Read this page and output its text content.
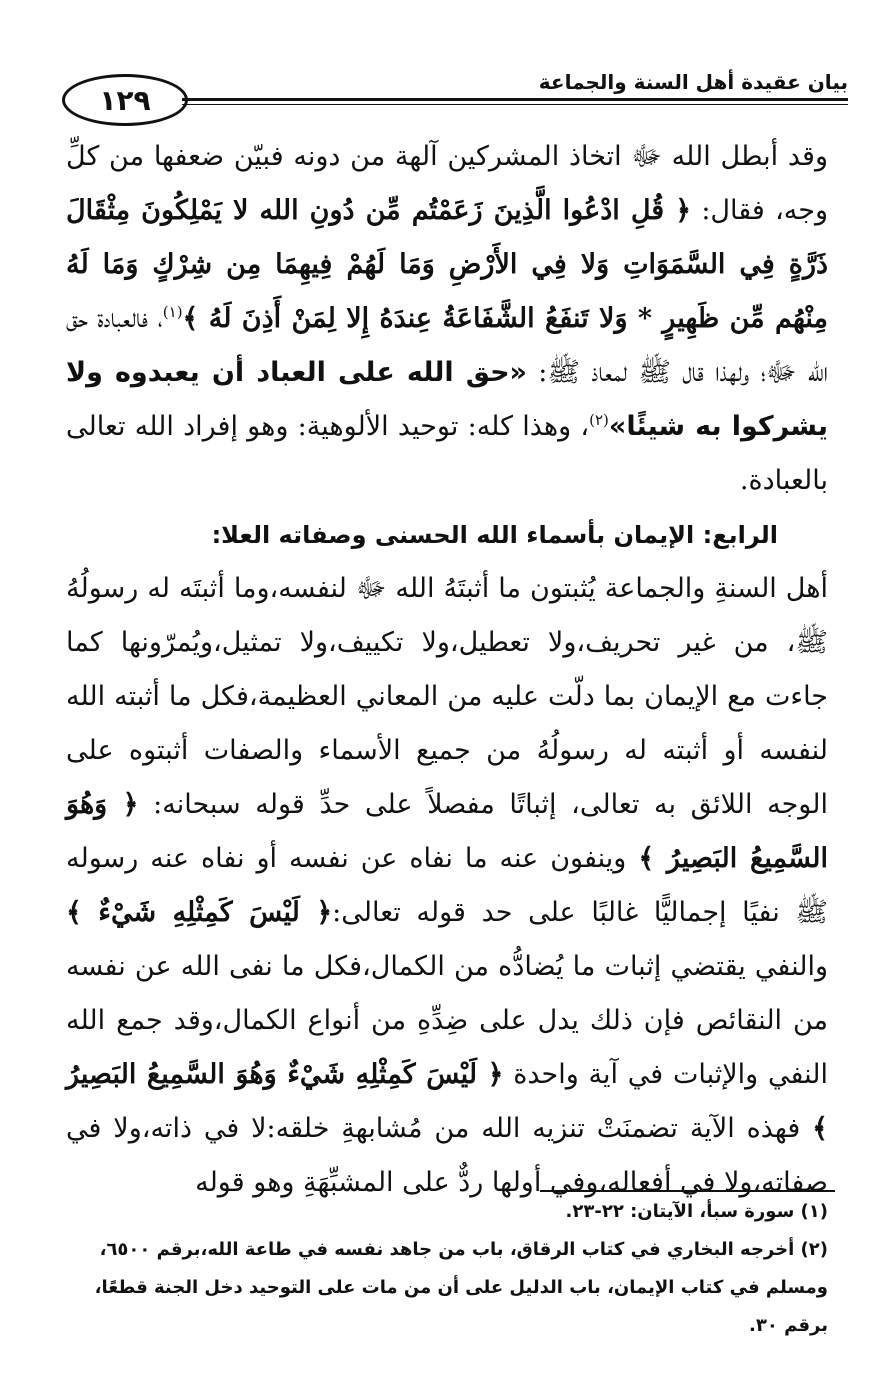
١٢٩
بيان عقيدة أهل السنة والجماعة

وقد أبطل الله ﷻ اتخاذ المشركين آلهة من دونه فبيّن ضعفها من كلِّ وجه، فقال: ﴿ قُلِ ادْعُوا الَّذِينَ زَعَمْتُم مِّن دُونِ الله لا يَمْلِكُونَ مِثْقَالَ ذَرَّةٍ فِي السَّمَوَاتِ وَلا فِي الأَرْضِ وَمَا لَهُمْ فِيهِمَا مِن شِرْكٍ وَمَا لَهُ مِنْهُم مِّن ظَهِيرٍ * وَلا تَنفَعُ الشَّفَاعَةُ عِندَهُ إِلا لِمَنْ أَذِنَ لَهُ ﴾$^{(١)}$، فالعبادة حق الله ﷻ؛ ولهذا قال ﷺ لمعاذ ﷺ: «حق الله على العباد أن يعبدوه ولا يشركوا به شيئًا»$^{(٢)}$، وهذا كله: توحيد الألوهية: وهو إفراد الله تعالى بالعبادة.

الرابع: الإيمان بأسماء الله الحسنى وصفاته العلا:

أهل السنةِ والجماعة يُثبتون ما أثبتَهُ الله ﷻ لنفسه،وما أثبتَه له رسولُهُ ﷺ، من غير تحريف،ولا تعطيل،ولا تكييف،ولا تمثيل،ويُمرّونها كما جاءت مع الإيمان بما دلّت عليه من المعاني العظيمة،فكل ما أثبته الله لنفسه أو أثبته له رسولُهُ من جميع الأسماء والصفات أثبتوه على الوجه اللائق به تعالى، إثباتًا مفصلاً على حدِّ قوله سبحانه: ﴿ وَهُوَ السَّمِيعُ البَصِيرُ ﴾ وينفون عنه ما نفاه عن نفسه أو نفاه عنه رسوله ﷺ نفيًا إجماليًّا غالبًا على حد قوله تعالى:﴿ لَيْسَ كَمِثْلِهِ شَيْءٌ ﴾ والنفي يقتضي إثبات ما يُضادُّه من الكمال،فكل ما نفى الله عن نفسه من النقائص فإن ذلك يدل على ضِدِّهِ من أنواع الكمال،وقد جمع الله النفي والإثبات في آية واحدة ﴿ لَيْسَ كَمِثْلِهِ شَيْءٌ وَهُوَ السَّمِيعُ البَصِيرُ ﴾ فهذه الآية تضمنَتْ تنزيه الله من مُشابهةِ خلقه:لا في ذاته،ولا في صفاته،ولا في أفعاله،وفي أولها ردٌّ على المشبِّهَةِ وهو قوله

(١) سورة سبأ، الآيتان: ٢٢-٢٣.

(٢) أخرجه البخاري في كتاب الرقاق، باب من جاهد نفسه في طاعة الله،برقم ٦٥٠٠، ومسلم في كتاب الإيمان، باب الدليل على أن من مات على التوحيد دخل الجنة قطعًا، برقم ٣٠.
